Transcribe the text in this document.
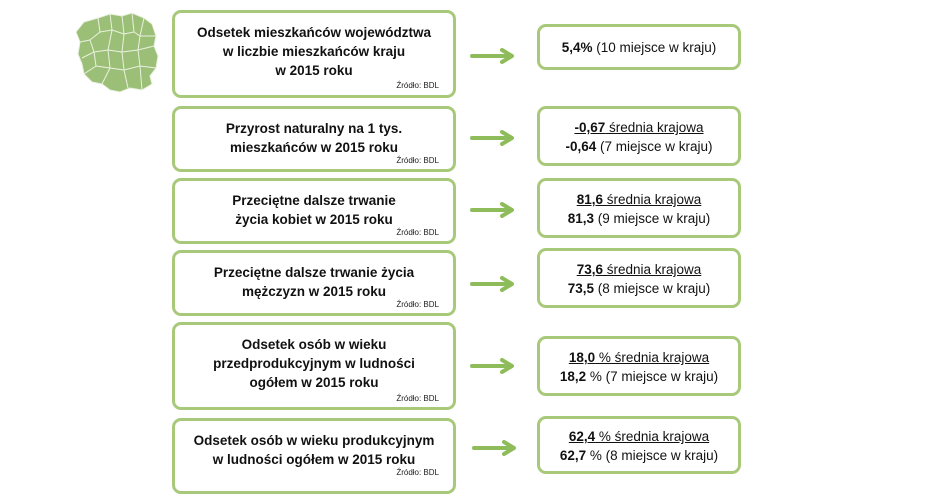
Odsetek mieszkańców województwa
w liczbie mieszkańców kraju
w 2015 roku
Źródło: BDL
5,4% (10 miejsce w kraju)
Przyrost naturalny na 1 tys.
mieszkańców w 2015 roku
Źródło: BDL
-0,67 średnia krajowa
-0,64 (7 miejsce w kraju)
Przeciętne dalsze trwanie
życia kobiet w 2015 roku
Źródło: BDL
81,6 średnia krajowa
81,3 (9 miejsce w kraju)
Przeciętne dalsze trwanie życia
mężczyzn w 2015 roku
Źródło: BDL
73,6 średnia krajowa
73,5 (8 miejsce w kraju)
Odsetek osób w wieku
przedprodukcyjnym w ludności
ogółem w 2015 roku
Źródło: BDL
18,0 % średnia krajowa
18,2 % (7 miejsce w kraju)
Odsetek osób w wieku produkcyjnym
w ludności ogółem w 2015 roku
Źródło: BDL
62,4 % średnia krajowa
62,7 % (8 miejsce w kraju)
